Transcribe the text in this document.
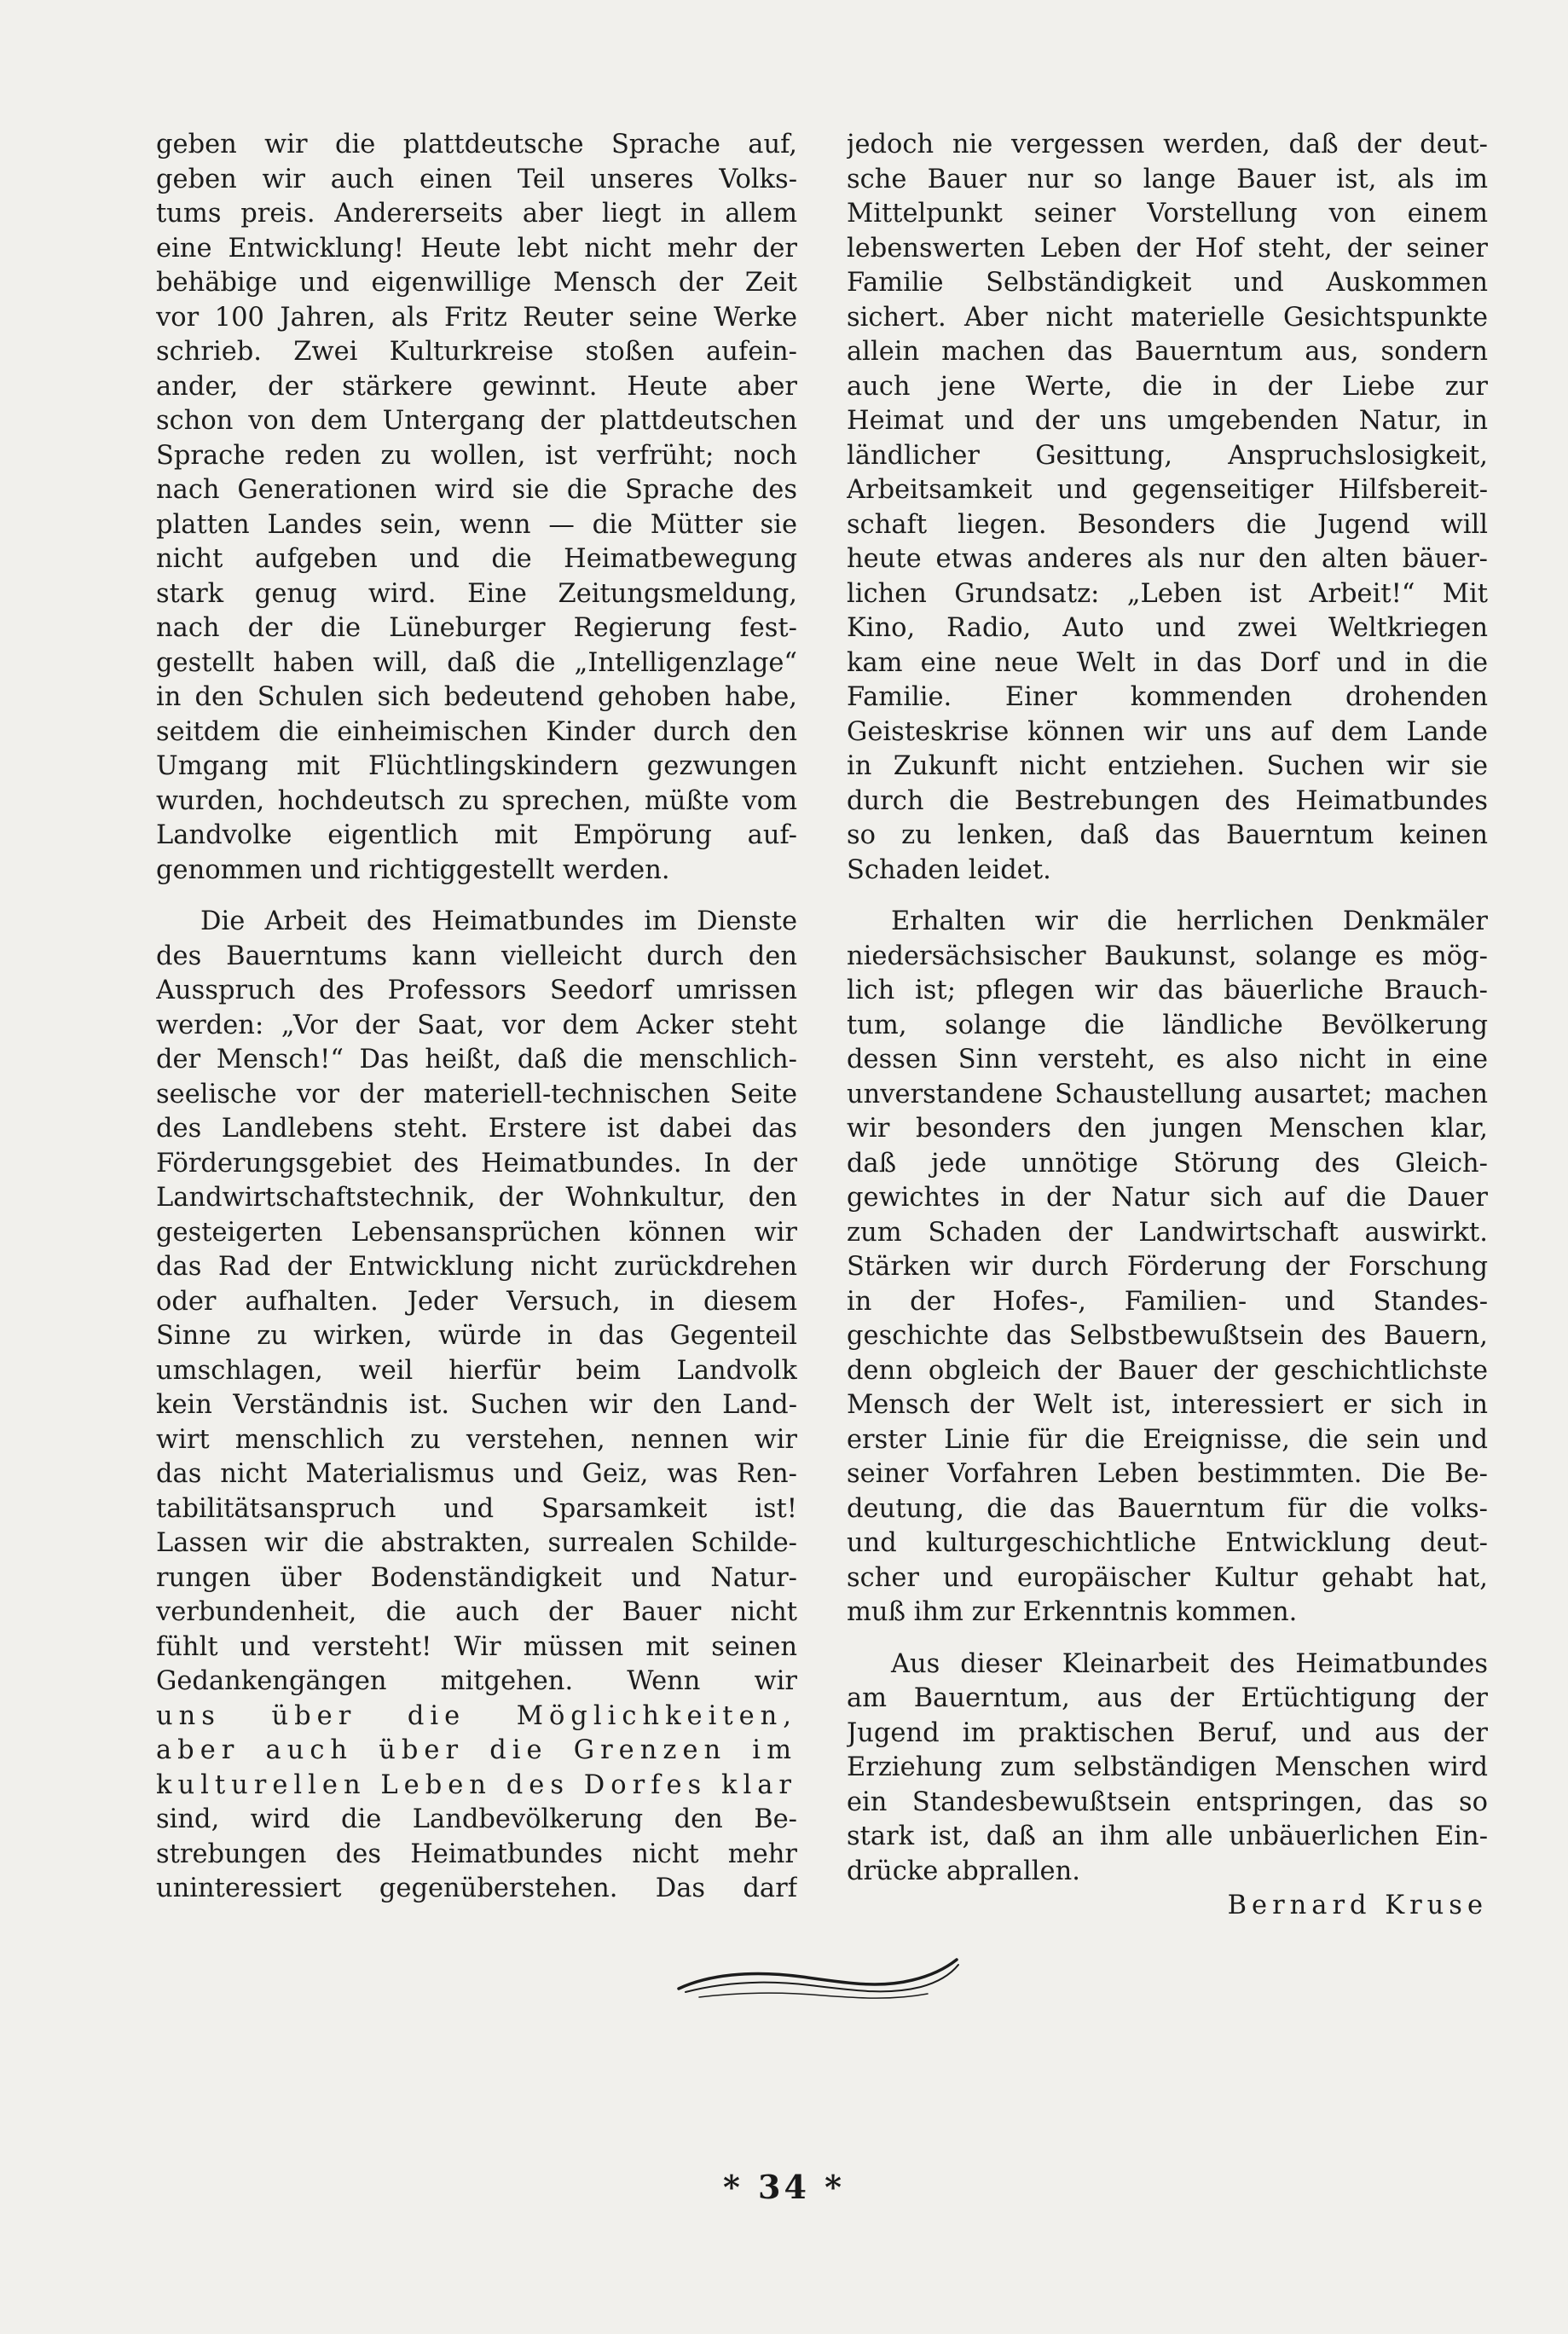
geben wir die plattdeutsche Sprache auf,
geben wir auch einen Teil unseres Volks-
tums preis. Andererseits aber liegt in allem
eine Entwicklung! Heute lebt nicht mehr der
behäbige und eigenwillige Mensch der Zeit
vor 100 Jahren, als Fritz Reuter seine Werke
schrieb. Zwei Kulturkreise stoßen aufein-
ander, der stärkere gewinnt. Heute aber
schon von dem Untergang der plattdeutschen
Sprache reden zu wollen, ist verfrüht; noch
nach Generationen wird sie die Sprache des
platten Landes sein, wenn — die Mütter sie
nicht aufgeben und die Heimatbewegung
stark genug wird. Eine Zeitungsmeldung,
nach der die Lüneburger Regierung fest-
gestellt haben will, daß die „Intelligenzlage“
in den Schulen sich bedeutend gehoben habe,
seitdem die einheimischen Kinder durch den
Umgang mit Flüchtlingskindern gezwungen
wurden, hochdeutsch zu sprechen, müßte vom
Landvolke eigentlich mit Empörung auf-
genommen und richtiggestellt werden.
Die Arbeit des Heimatbundes im Dienste
des Bauerntums kann vielleicht durch den
Ausspruch des Professors Seedorf umrissen
werden: „Vor der Saat, vor dem Acker steht
der Mensch!“ Das heißt, daß die menschlich-
seelische vor der materiell-technischen Seite
des Landlebens steht. Erstere ist dabei das
Förderungsgebiet des Heimatbundes. In der
Landwirtschaftstechnik, der Wohnkultur, den
gesteigerten Lebensansprüchen können wir
das Rad der Entwicklung nicht zurückdrehen
oder aufhalten. Jeder Versuch, in diesem
Sinne zu wirken, würde in das Gegenteil
umschlagen, weil hierfür beim Landvolk
kein Verständnis ist. Suchen wir den Land-
wirt menschlich zu verstehen, nennen wir
das nicht Materialismus und Geiz, was Ren-
tabilitätsanspruch und Sparsamkeit ist!
Lassen wir die abstrakten, surrealen Schilde-
rungen über Bodenständigkeit und Natur-
verbundenheit, die auch der Bauer nicht
fühlt und versteht! Wir müssen mit seinen
Gedankengängen mitgehen. Wenn wir
uns über die Möglichkeiten,
aber auch über die Grenzen im
kulturellen Leben des Dorfes klar
sind, wird die Landbevölkerung den Be-
strebungen des Heimatbundes nicht mehr
uninteressiert gegenüberstehen. Das darf
jedoch nie vergessen werden, daß der deut-
sche Bauer nur so lange Bauer ist, als im
Mittelpunkt seiner Vorstellung von einem
lebenswerten Leben der Hof steht, der seiner
Familie Selbständigkeit und Auskommen
sichert. Aber nicht materielle Gesichtspunkte
allein machen das Bauerntum aus, sondern
auch jene Werte, die in der Liebe zur
Heimat und der uns umgebenden Natur, in
ländlicher Gesittung, Anspruchslosigkeit,
Arbeitsamkeit und gegenseitiger Hilfsbereit-
schaft liegen. Besonders die Jugend will
heute etwas anderes als nur den alten bäuer-
lichen Grundsatz: „Leben ist Arbeit!“ Mit
Kino, Radio, Auto und zwei Weltkriegen
kam eine neue Welt in das Dorf und in die
Familie. Einer kommenden drohenden
Geisteskrise können wir uns auf dem Lande
in Zukunft nicht entziehen. Suchen wir sie
durch die Bestrebungen des Heimatbundes
so zu lenken, daß das Bauerntum keinen
Schaden leidet.
Erhalten wir die herrlichen Denkmäler
niedersächsischer Baukunst, solange es mög-
lich ist; pflegen wir das bäuerliche Brauch-
tum, solange die ländliche Bevölkerung
dessen Sinn versteht, es also nicht in eine
unverstandene Schaustellung ausartet; machen
wir besonders den jungen Menschen klar,
daß jede unnötige Störung des Gleich-
gewichtes in der Natur sich auf die Dauer
zum Schaden der Landwirtschaft auswirkt.
Stärken wir durch Förderung der Forschung
in der Hofes-, Familien- und Standes-
geschichte das Selbstbewußtsein des Bauern,
denn obgleich der Bauer der geschichtlichste
Mensch der Welt ist, interessiert er sich in
erster Linie für die Ereignisse, die sein und
seiner Vorfahren Leben bestimmten. Die Be-
deutung, die das Bauerntum für die volks-
und kulturgeschichtliche Entwicklung deut-
scher und europäischer Kultur gehabt hat,
muß ihm zur Erkenntnis kommen.
Aus dieser Kleinarbeit des Heimatbundes
am Bauerntum, aus der Ertüchtigung der
Jugend im praktischen Beruf, und aus der
Erziehung zum selbständigen Menschen wird
ein Standesbewußtsein entspringen, das so
stark ist, daß an ihm alle unbäuerlichen Ein-
drücke abprallen.
Bernard Kruse
* 34 *
